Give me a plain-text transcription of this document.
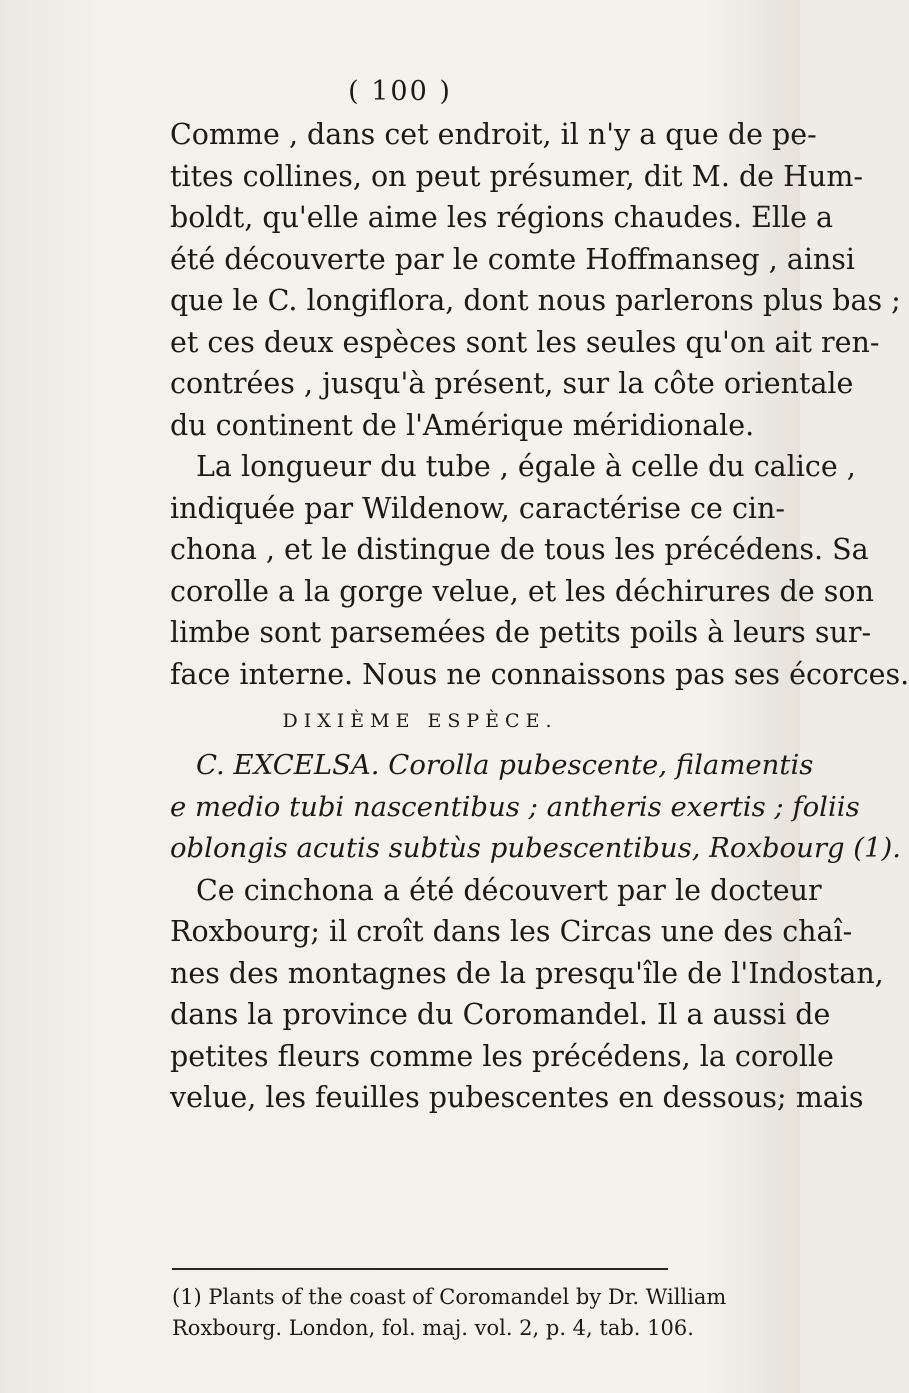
( 100 )
Comme , dans cet endroit, il n'y a que de pe-
tites collines, on peut présumer, dit M. de Hum-
boldt, qu'elle aime les régions chaudes. Elle a
été découverte par le comte Hoffmanseg , ainsi
que le C. longiflora, dont nous parlerons plus bas ;
et ces deux espèces sont les seules qu'on ait ren-
contrées , jusqu'à présent, sur la côte orientale
du continent de l'Amérique méridionale.
La longueur du tube , égale à celle du calice ,
indiquée par Wildenow, caractérise ce cin-
chona , et le distingue de tous les précédens. Sa
corolle a la gorge velue, et les déchirures de son
limbe sont parsemées de petits poils à leurs sur-
face interne. Nous ne connaissons pas ses écorces.
DIXIÈME ESPÈCE.
C. EXCELSA. Corolla pubescente, filamentis
e medio tubi nascentibus ; antheris exertis ; foliis
oblongis acutis subtùs pubescentibus, Roxbourg (1).
Ce cinchona a été découvert par le docteur
Roxbourg; il croît dans les Circas une des chaî-
nes des montagnes de la presqu'île de l'Indostan,
dans la province du Coromandel. Il a aussi de
petites fleurs comme les précédens, la corolle
velue, les feuilles pubescentes en dessous; mais
(1) Plants of the coast of Coromandel by Dr. William
Roxbourg. London, fol. maj. vol. 2, p. 4, tab. 106.
